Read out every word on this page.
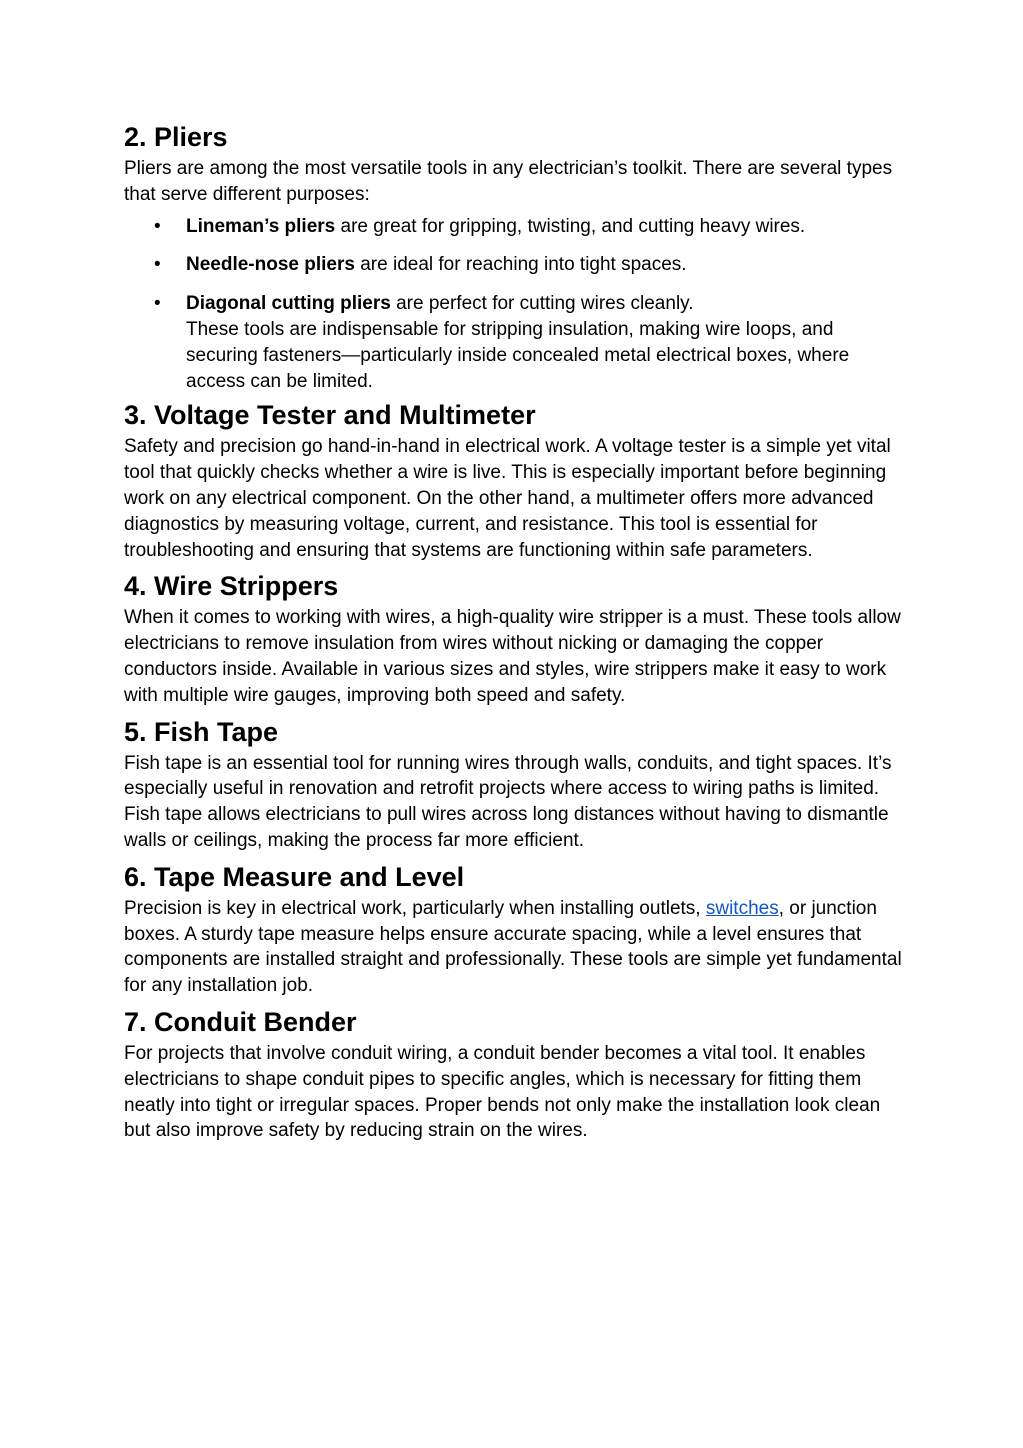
2. Pliers

Pliers are among the most versatile tools in any electrician’s toolkit. There are several types that serve different purposes:

• Lineman’s pliers are great for gripping, twisting, and cutting heavy wires.
• Needle-nose pliers are ideal for reaching into tight spaces.
• Diagonal cutting pliers are perfect for cutting wires cleanly.
These tools are indispensable for stripping insulation, making wire loops, and securing fasteners—particularly inside concealed metal electrical boxes, where access can be limited.
3. Voltage Tester and Multimeter

Safety and precision go hand-in-hand in electrical work. A voltage tester is a simple yet vital tool that quickly checks whether a wire is live. This is especially important before beginning work on any electrical component. On the other hand, a multimeter offers more advanced diagnostics by measuring voltage, current, and resistance. This tool is essential for troubleshooting and ensuring that systems are functioning within safe parameters.

4. Wire Strippers

When it comes to working with wires, a high-quality wire stripper is a must. These tools allow electricians to remove insulation from wires without nicking or damaging the copper conductors inside. Available in various sizes and styles, wire strippers make it easy to work with multiple wire gauges, improving both speed and safety.

5. Fish Tape

Fish tape is an essential tool for running wires through walls, conduits, and tight spaces. It’s especially useful in renovation and retrofit projects where access to wiring paths is limited. Fish tape allows electricians to pull wires across long distances without having to dismantle walls or ceilings, making the process far more efficient.

6. Tape Measure and Level

Precision is key in electrical work, particularly when installing outlets, switches, or junction boxes. A sturdy tape measure helps ensure accurate spacing, while a level ensures that components are installed straight and professionally. These tools are simple yet fundamental for any installation job.

7. Conduit Bender

For projects that involve conduit wiring, a conduit bender becomes a vital tool. It enables electricians to shape conduit pipes to specific angles, which is necessary for fitting them neatly into tight or irregular spaces. Proper bends not only make the installation look clean but also improve safety by reducing strain on the wires.
